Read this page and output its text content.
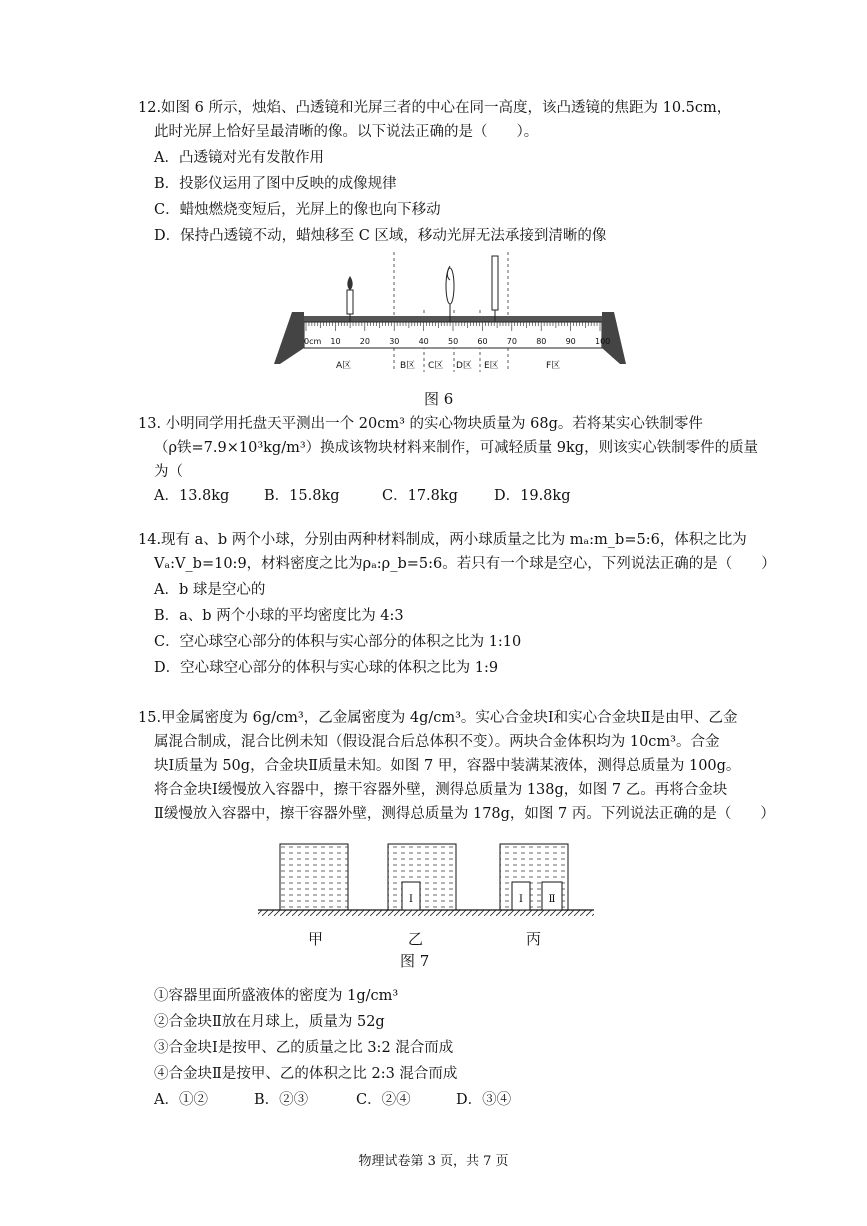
12.如图 6 所示，烛焰、凸透镜和光屏三者的中心在同一高度，该凸透镜的焦距为 10.5cm，
此时光屏上恰好呈最清晰的像。以下说法正确的是（　　）。
A．凸透镜对光有发散作用
B．投影仪运用了图中反映的成像规律
C．蜡烛燃烧变短后，光屏上的像也向下移动
D．保持凸透镜不动，蜡烛移至 C 区域，移动光屏无法承接到清晰的像
0cm 10 20 30 40 50 60 70 80 90 100
A区	B区 C区 D区 E区	F区
图 6
13. 小明同学用托盘天平测出一个 20cm³ 的实心物块质量为 68g。若将某实心铁制零件
（ρ铁=7.9×10³kg/m³）换成该物块材料来制作，可减轻质量 9kg，则该实心铁制零件的质量
为（
A．13.8kg B．15.8kg	C．17.8kg D．19.8kg
14.现有 a、b 两个小球，分别由两种材料制成，两小球质量之比为 mₐ:m_b=5:6，体积之比为
Vₐ:V_b=10:9，材料密度之比为ρₐ:ρ_b=5:6。若只有一个球是空心，下列说法正确的是（　　）
A．b 球是空心的
B．a、b 两个小球的平均密度比为 4:3
C．空心球空心部分的体积与实心部分的体积之比为 1:10
D．空心球空心部分的体积与实心球的体积之比为 1:9
15.甲金属密度为 6g/cm³，乙金属密度为 4g/cm³。实心合金块Ⅰ和实心合金块Ⅱ是由甲、乙金
属混合制成，混合比例未知（假设混合后总体积不变）。两块合金体积均为 10cm³。合金
块Ⅰ质量为 50g，合金块Ⅱ质量未知。如图 7 甲，容器中装满某液体，测得总质量为 100g。
将合金块Ⅰ缓慢放入容器中，擦干容器外壁，测得总质量为 138g，如图 7 乙。再将合金块
Ⅱ缓慢放入容器中，擦干容器外壁，测得总质量为 178g，如图 7 丙。下列说法正确的是（　　）
Ⅰ	Ⅰ	Ⅱ
甲	乙	丙
图 7
①容器里面所盛液体的密度为 1g/cm³
②合金块Ⅱ放在月球上，质量为 52g
③合金块Ⅰ是按甲、乙的质量之比 3:2 混合而成
④合金块Ⅱ是按甲、乙的体积之比 2:3 混合而成
A．①②	B．②③	C．②④	D．③④
物理试卷第 3 页，共 7 页
